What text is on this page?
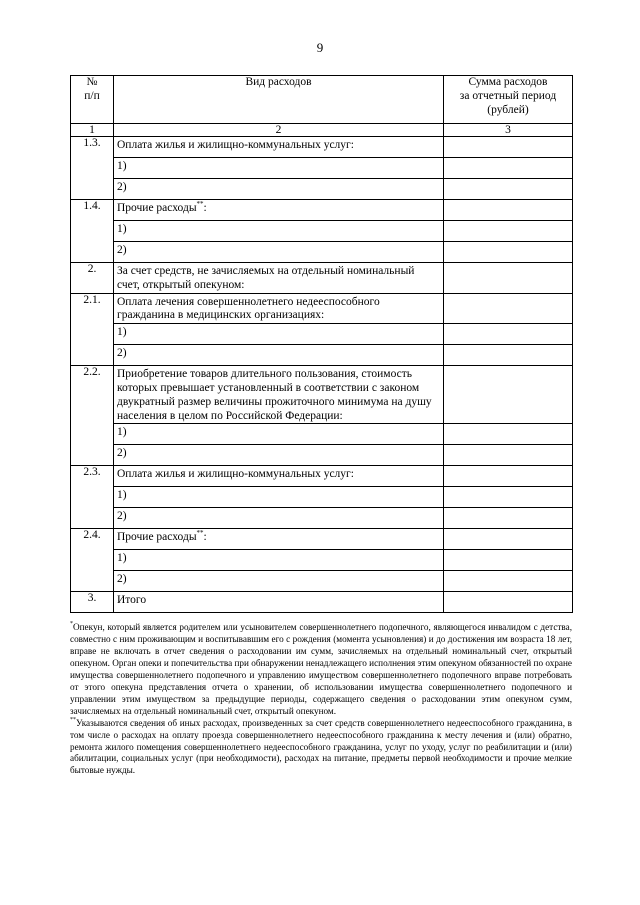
9
№
п/п	Вид расходов	Сумма расходов
за отчетный период
(рублей)
1	2	3
1.3.	Оплата жилья и жилищно-коммунальных услуг:	
	1)	
	2)	
1.4.	Прочие расходы**:	
	1)	
	2)	
2.	За счет средств, не зачисляемых на отдельный номинальный счет, открытый опекуном:	
2.1.	Оплата лечения совершеннолетнего недееспособного гражданина в медицинских организациях:	
	1)	
	2)	
2.2.	Приобретение товаров длительного пользования, стоимость которых превышает установленный в соответствии с законом двукратный размер величины прожиточного минимума на душу населения в целом по Российской Федерации:	
	1)	
	2)	
2.3.	Оплата жилья и жилищно-коммунальных услуг:	
	1)	
	2)	
2.4.	Прочие расходы**:	
	1)	
	2)	
3.	Итого	

*Опекун, который является родителем или усыновителем совершеннолетнего подопечного, являющегося инвалидом с детства, совместно с ним проживающим и воспитывавшим его с рождения (момента усыновления) и до достижения им возраста 18 лет, вправе не включать в отчет сведения о расходовании им сумм, зачисляемых на отдельный номинальный счет, открытый опекуном. Орган опеки и попечительства при обнаружении ненадлежащего исполнения этим опекуном обязанностей по охране имущества совершеннолетнего подопечного и управлению имуществом совершеннолетнего подопечного вправе потребовать от этого опекуна представления отчета о хранении, об использовании имущества совершеннолетнего подопечного и управлении этим имуществом за предыдущие периоды, содержащего сведения о расходовании этим опекуном сумм, зачисляемых на отдельный номинальный счет, открытый опекуном.

**Указываются сведения об иных расходах, произведенных за счет средств совершеннолетнего недееспособного гражданина, в том числе о расходах на оплату проезда совершеннолетнего недееспособного гражданина к месту лечения и (или) обратно, ремонта жилого помещения совершеннолетнего недееспособного гражданина, услуг по уходу, услуг по реабилитации и (или) абилитации, социальных услуг (при необходимости), расходах на питание, предметы первой необходимости и прочие мелкие бытовые нужды.
